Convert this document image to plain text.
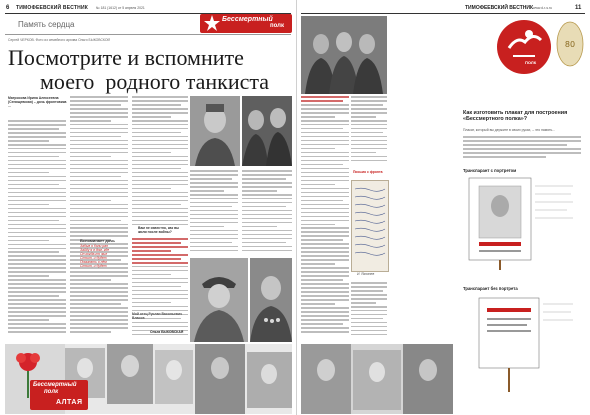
6 ТИМОФЕЕВСКИЙ ВЕСТНИК № 181 (1612) от 5 апреля 2021
Память сердца
Бессмертный
полк
Сергей ЧЕРКОВ. Фото из семейного архива Ольги БЫКОВСКОЙ
Посмотрите и вспомните
моего  родного танкиста
Матросова Ирина Алексеевна (Сенищевская) – дочь фронтовика ...
Вспоминает дочь
Забыв о боли ран
Зайду я в дом, где
Он когда-то жил
Стоит, и будет
Поминать о нём
Стоит, и будет
Вам не известно, как вы жили после войны?
Мой отец Руслан Васильевич Власов
Ольга БЫКОВСКАЯ
Бессмертный
полк
АЛТАЯ
ТИМОФЕЕВСКИЙ ВЕСТНИК www.d-r-s.ru	11
Письмо с фронта
И. Яковлев
ПОЛК
80
Как изготовить плакат для построения «Бессмертного полка»?
Плакат, который вы держите в своих руках, – это память...
Транспарант с портретом
Транспарант без портрета
